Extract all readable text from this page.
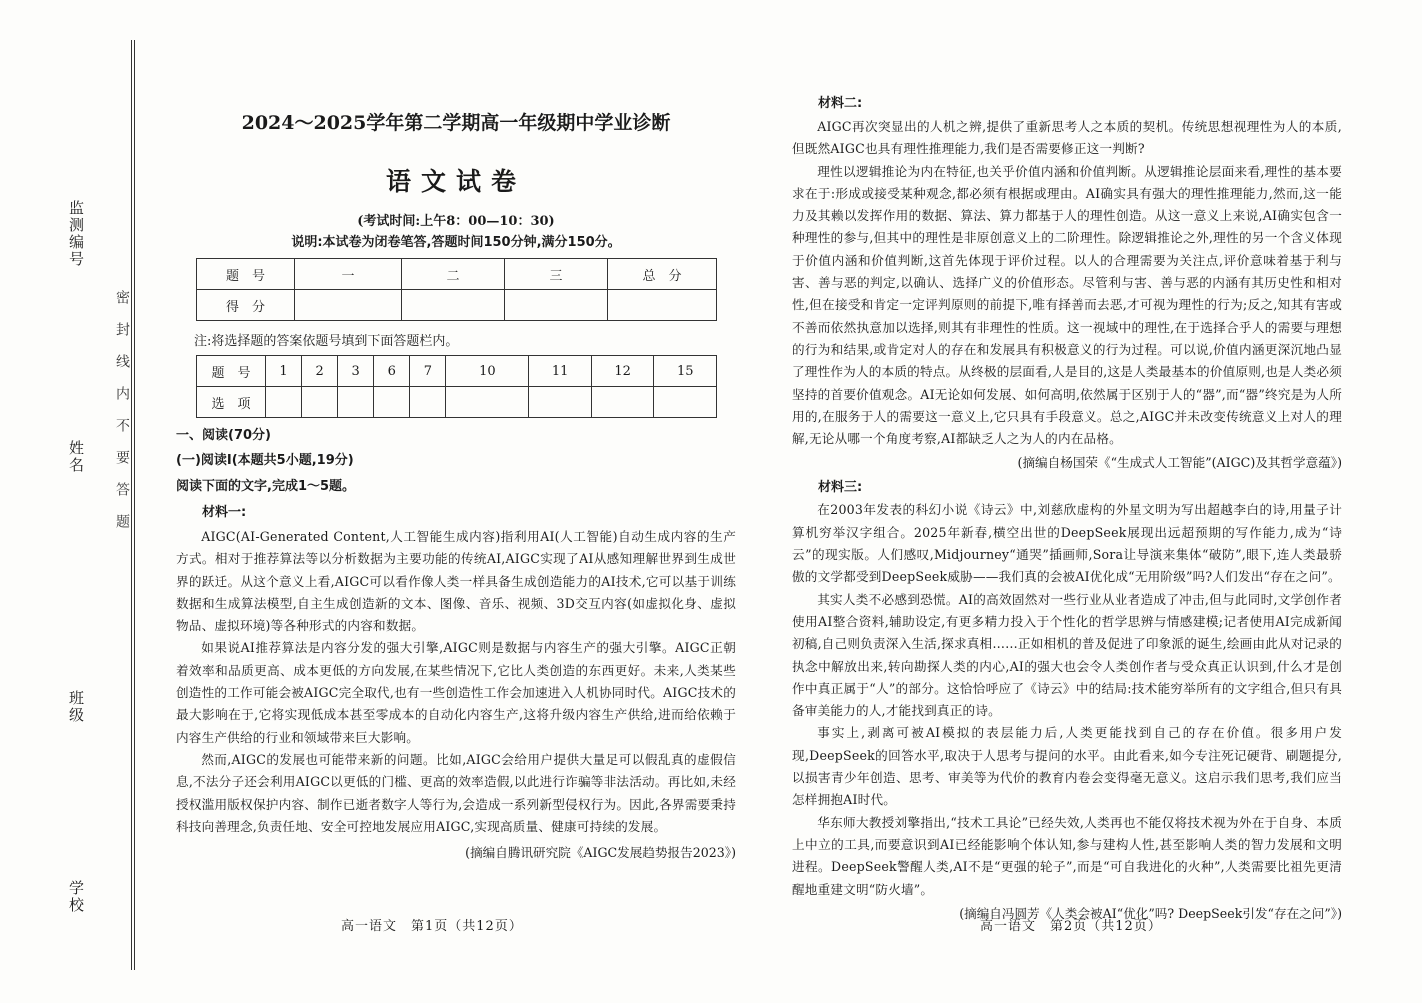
监测编号
姓名
班级
学校
密封线内不要答题
2024～2025学年第二学期高一年级期中学业诊断
语文试卷
(考试时间:上午8：00—10：30)
说明:本试卷为闭卷笔答,答题时间150分钟,满分150分。
题　号	一	二	三	总　分
得　分				
注:将选择题的答案依题号填到下面答题栏内。
题　号	1	2	3	6	7	10	11	12	15
选　项									

一、阅读(70分)

(一)阅读Ⅰ(本题共5小题,19分)

阅读下面的文字,完成1～5题。

材料一:

AIGC(AI-Generated Content,人工智能生成内容)指利用AI(人工智能)自动生成内容的生产方式。相对于推荐算法等以分析数据为主要功能的传统AI,AIGC实现了AI从感知理解世界到生成世界的跃迁。从这个意义上看,AIGC可以看作像人类一样具备生成创造能力的AI技术,它可以基于训练数据和生成算法模型,自主生成创造新的文本、图像、音乐、视频、3D交互内容(如虚拟化身、虚拟物品、虚拟环境)等各种形式的内容和数据。

如果说AI推荐算法是内容分发的强大引擎,AIGC则是数据与内容生产的强大引擎。AIGC正朝着效率和品质更高、成本更低的方向发展,在某些情况下,它比人类创造的东西更好。未来,人类某些创造性的工作可能会被AIGC完全取代,也有一些创造性工作会加速进入人机协同时代。AIGC技术的最大影响在于,它将实现低成本甚至零成本的自动化内容生产,这将升级内容生产供给,进而给依赖于内容生产供给的行业和领域带来巨大影响。

然而,AIGC的发展也可能带来新的问题。比如,AIGC会给用户提供大量足可以假乱真的虚假信息,不法分子还会利用AIGC以更低的门槛、更高的效率造假,以此进行诈骗等非法活动。再比如,未经授权滥用版权保护内容、制作已逝者数字人等行为,会造成一系列新型侵权行为。因此,各界需要秉持科技向善理念,负责任地、安全可控地发展应用AIGC,实现高质量、健康可持续的发展。

(摘编自腾讯研究院《AIGC发展趋势报告2023》)

高一语文　第1页（共12页）

材料二:

AIGC再次突显出的人机之辨,提供了重新思考人之本质的契机。传统思想视理性为人的本质,但既然AIGC也具有理性推理能力,我们是否需要修正这一判断?

理性以逻辑推论为内在特征,也关乎价值内涵和价值判断。从逻辑推论层面来看,理性的基本要求在于:形成或接受某种观念,都必须有根据或理由。AI确实具有强大的理性推理能力,然而,这一能力及其赖以发挥作用的数据、算法、算力都基于人的理性创造。从这一意义上来说,AI确实包含一种理性的参与,但其中的理性是非原创意义上的二阶理性。除逻辑推论之外,理性的另一个含义体现于价值内涵和价值判断,这首先体现于评价过程。以人的合理需要为关注点,评价意味着基于利与害、善与恶的判定,以确认、选择广义的价值形态。尽管利与害、善与恶的内涵有其历史性和相对性,但在接受和肯定一定评判原则的前提下,唯有择善而去恶,才可视为理性的行为;反之,知其有害或不善而依然执意加以选择,则其有非理性的性质。这一视域中的理性,在于选择合乎人的需要与理想的行为和结果,或肯定对人的存在和发展具有积极意义的行为过程。可以说,价值内涵更深沉地凸显了理性作为人的本质的特点。从终极的层面看,人是目的,这是人类最基本的价值原则,也是人类必须坚持的首要价值观念。AI无论如何发展、如何高明,依然属于区别于人的“器”,而“器”终究是为人所用的,在服务于人的需要这一意义上,它只具有手段意义。总之,AIGC并未改变传统意义上对人的理解,无论从哪一个角度考察,AI都缺乏人之为人的内在品格。

(摘编自杨国荣《“生成式人工智能”(AIGC)及其哲学意蕴》)

材料三:

在2003年发表的科幻小说《诗云》中,刘慈欣虚构的外星文明为写出超越李白的诗,用量子计算机穷举汉字组合。2025年新春,横空出世的DeepSeek展现出远超预期的写作能力,成为“诗云”的现实版。人们感叹,Midjourney“通哭”插画师,Sora让导演来集体“破防”,眼下,连人类最骄傲的文学都受到DeepSeek威胁——我们真的会被AI优化成“无用阶级”吗?人们发出“存在之问”。

其实人类不必感到恐慌。AI的高效固然对一些行业从业者造成了冲击,但与此同时,文学创作者使用AI整合资料,辅助设定,有更多精力投入于个性化的哲学思辨与情感建模;记者使用AI完成新闻初稿,自己则负责深入生活,探求真相……正如相机的普及促进了印象派的诞生,绘画由此从对记录的执念中解放出来,转向勘探人类的内心,AI的强大也会令人类创作者与受众真正认识到,什么才是创作中真正属于“人”的部分。这恰恰呼应了《诗云》中的结局:技术能穷举所有的文字组合,但只有具备审美能力的人,才能找到真正的诗。

事实上,剥离可被AI模拟的表层能力后,人类更能找到自己的存在价值。很多用户发现,DeepSeek的回答水平,取决于人思考与提问的水平。由此看来,如今专注死记硬背、刷题提分,以损害青少年创造、思考、审美等为代价的教育内卷会变得毫无意义。这启示我们思考,我们应当怎样拥抱AI时代。

华东师大教授刘擎指出,“技术工具论”已经失效,人类再也不能仅将技术视为外在于自身、本质上中立的工具,而要意识到AI已经能影响个体认知,参与建构人性,甚至影响人类的智力发展和文明进程。DeepSeek警醒人类,AI不是“更强的轮子”,而是“可自我进化的火种”,人类需要比祖先更清醒地重建文明“防火墙”。

(摘编自冯圆芳《人类会被AI“优化”吗? DeepSeek引发“存在之问”》)

高一语文　第2页（共12页）
